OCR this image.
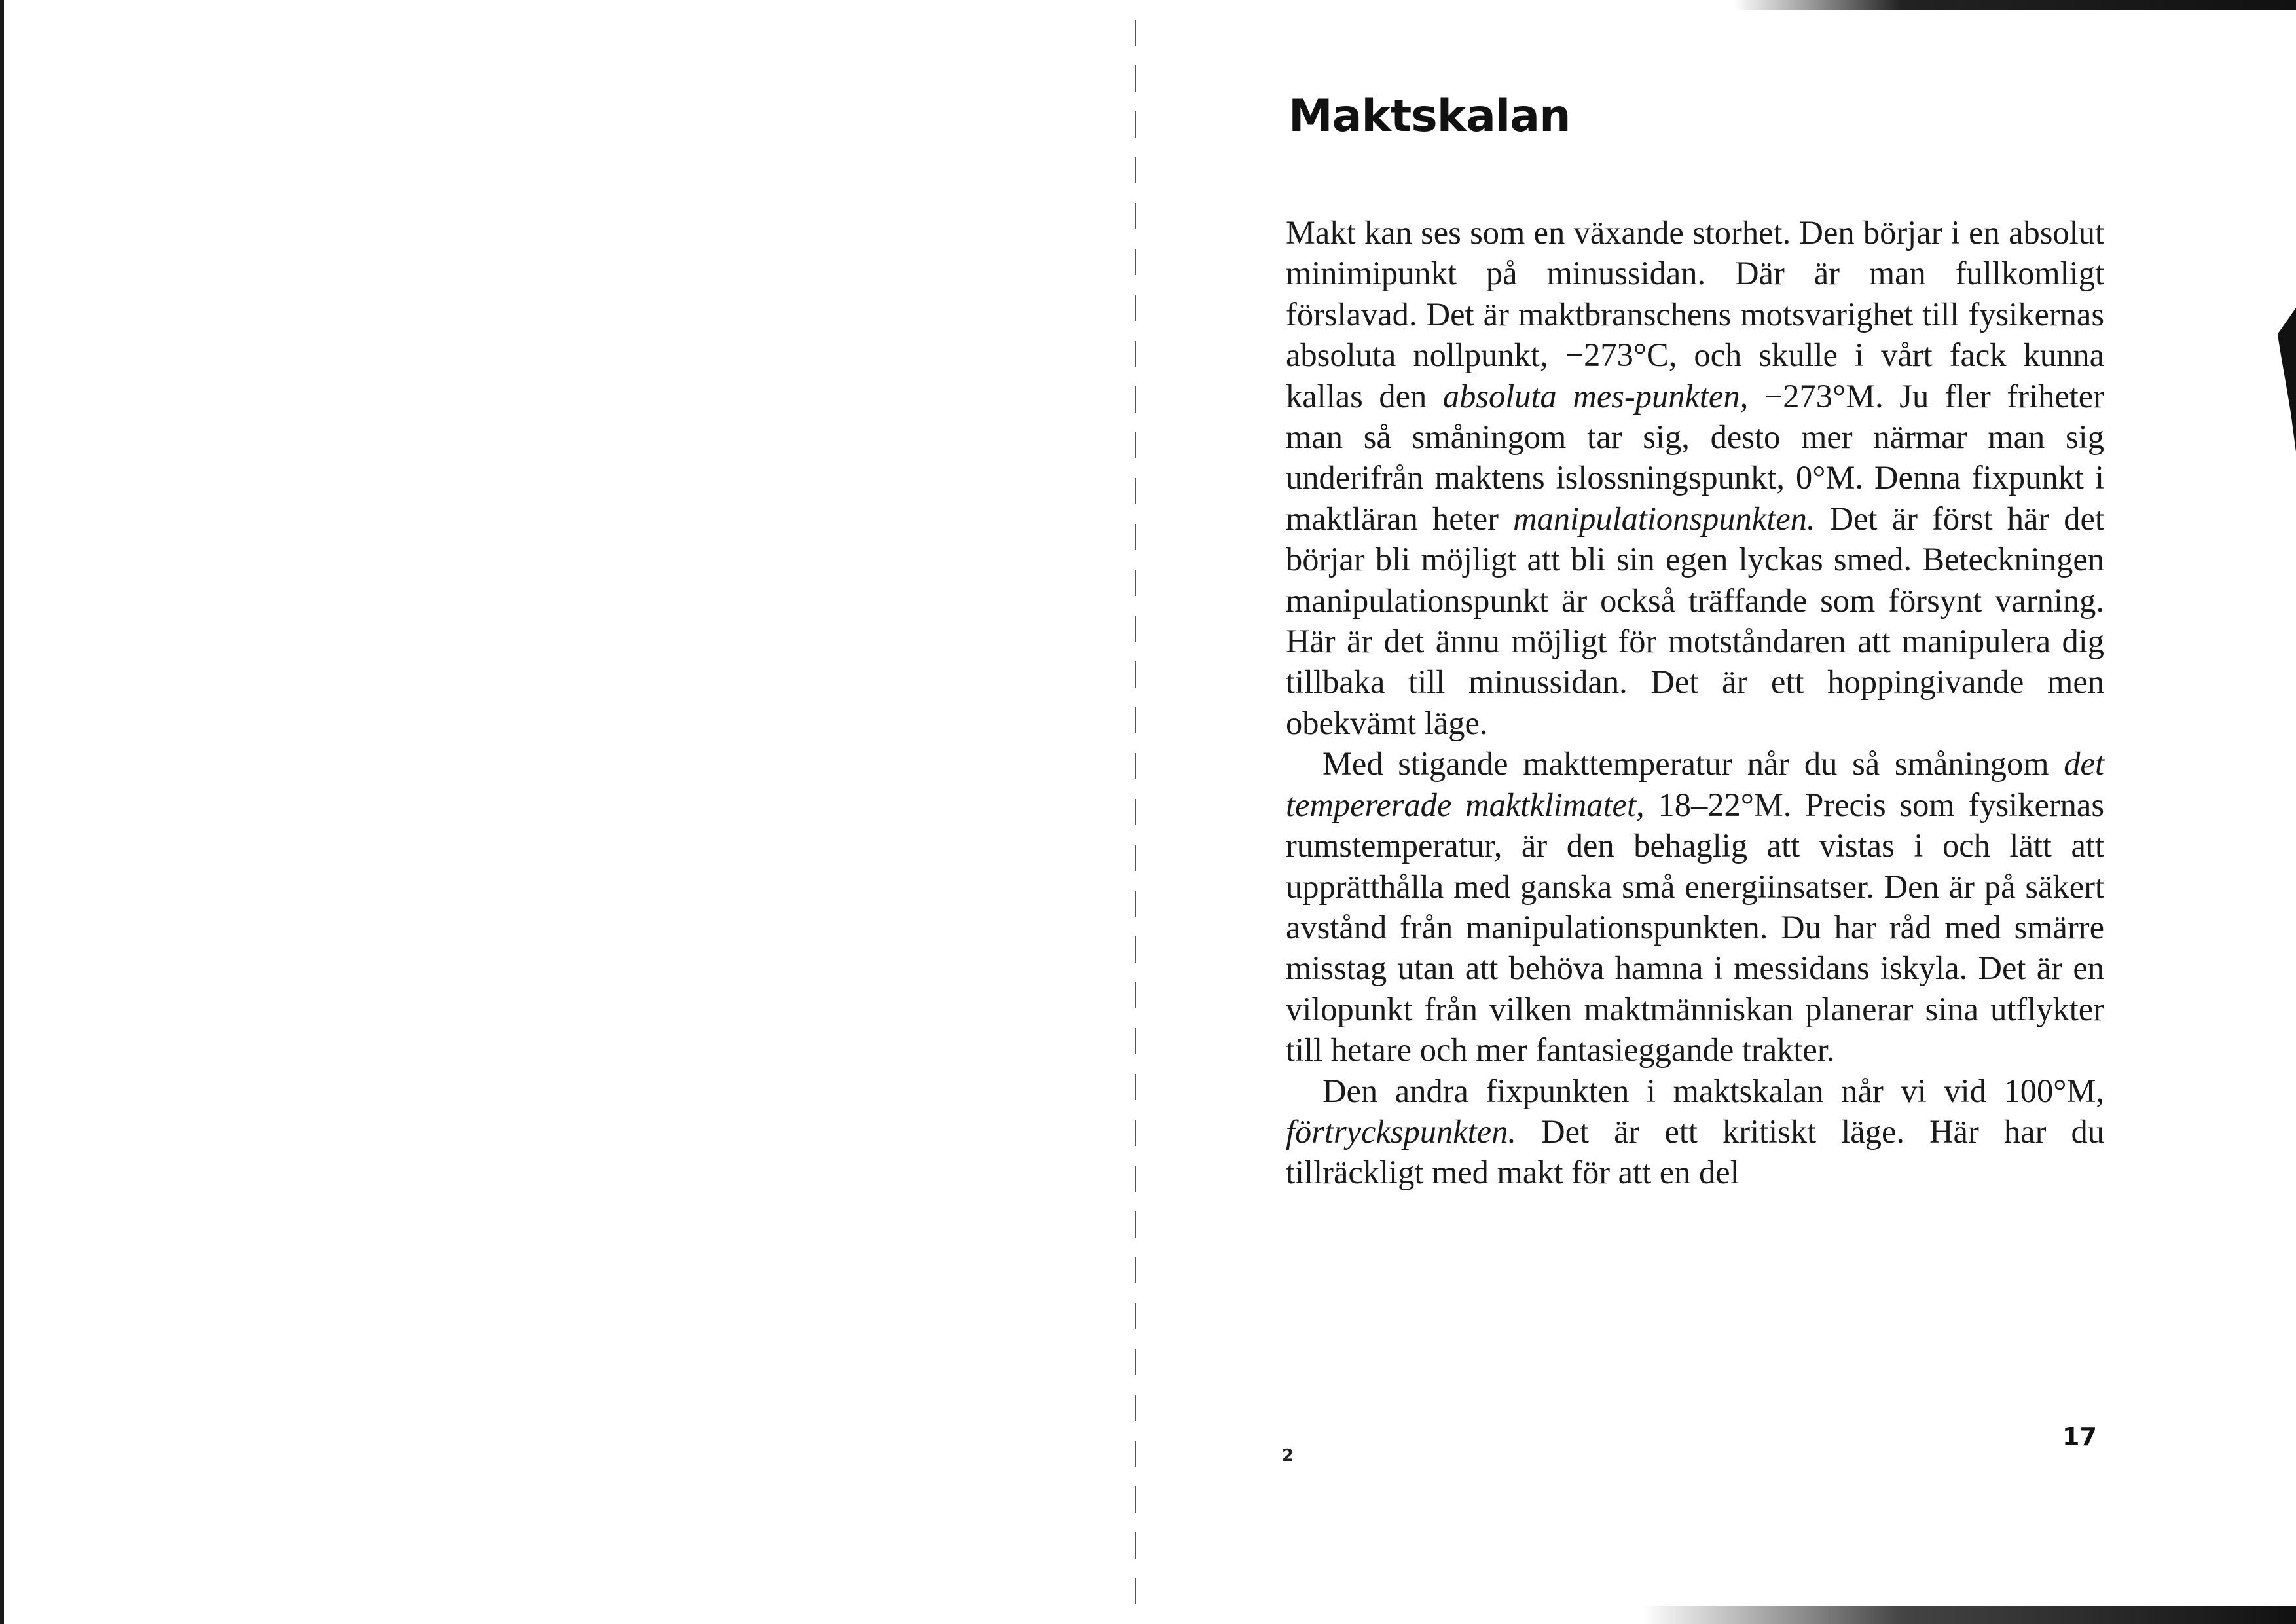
Maktskalan

Makt kan ses som en växande storhet. Den börjar i en absolut minimipunkt på minussidan. Där är man fullkomligt förslavad. Det är maktbranschens motsvarighet till fysikernas absoluta nollpunkt, −273°C, och skulle i vårt fack kunna kallas den absoluta mes-punkten, −273°M. Ju fler friheter man så småningom tar sig, desto mer närmar man sig underifrån maktens islossningspunkt, 0°M. Denna fixpunkt i maktläran heter manipulationspunkten. Det är först här det börjar bli möjligt att bli sin egen lyckas smed. Beteckningen manipulationspunkt är också träffande som försynt varning. Här är det ännu möjligt för motståndaren att manipulera dig tillbaka till minussidan. Det är ett hoppingivande men obekvämt läge.

Med stigande makttemperatur når du så småningom det tempererade maktklimatet, 18–22°M. Precis som fysikernas rumstemperatur, är den behaglig att vistas i och lätt att upprätthålla med ganska små energiinsatser. Den är på säkert avstånd från manipulationspunkten. Du har råd med smärre misstag utan att behöva hamna i messidans iskyla. Det är en vilopunkt från vilken maktmänniskan planerar sina utflykter till hetare och mer fantasieggande trakter.

Den andra fixpunkten i maktskalan når vi vid 100°M, förtryckspunkten. Det är ett kritiskt läge. Här har du tillräckligt med makt för att en del

2
17
